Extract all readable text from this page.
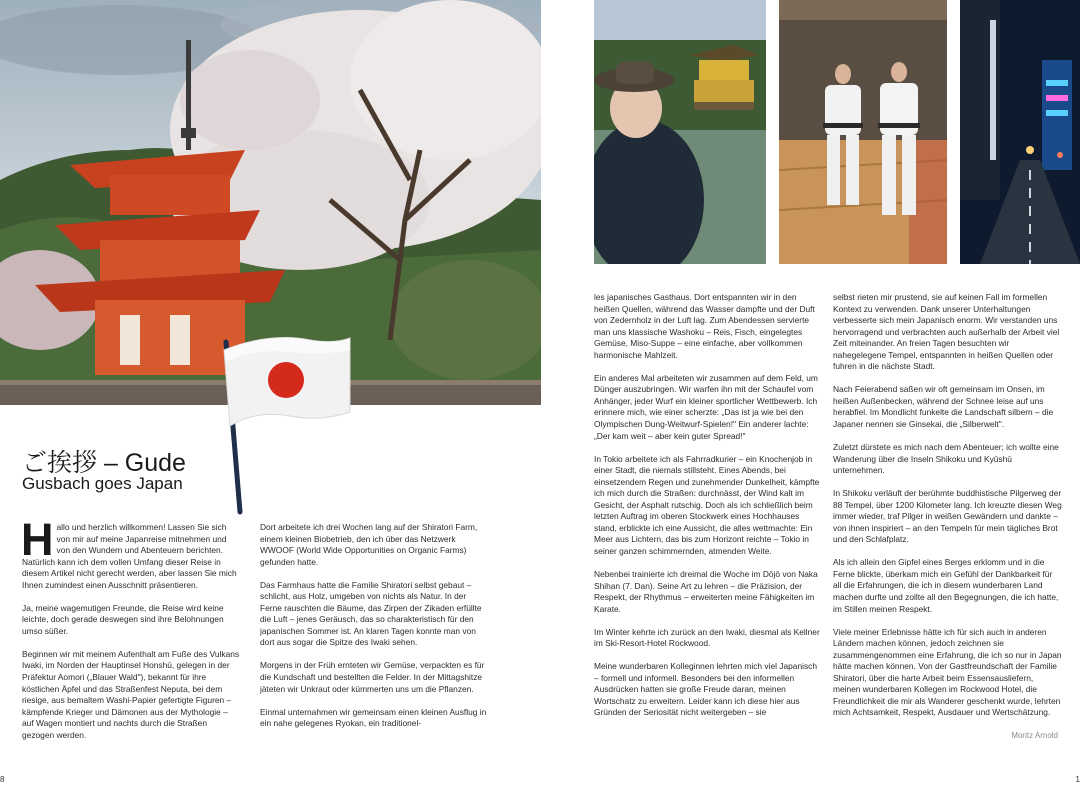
ご挨拶 – Gude
Gusbach goes Japan

Hallo und herzlich willkommen! Lassen Sie sich von mir auf meine Japanreise mitnehmen und von den Wundern und Abenteuern berichten. Natürlich kann ich dem vollen Umfang dieser Reise in diesem Artikel nicht gerecht werden, aber lassen Sie mich Ihnen zumindest einen Ausschnitt präsentieren.

Ja, meine wagemutigen Freunde, die Reise wird keine leichte, doch gerade deswegen sind ihre Belohnungen umso süßer.

Beginnen wir mit meinem Aufenthalt am Fuße des Vulkans Iwaki, im Norden der Hauptinsel Honshū, gelegen in der Präfektur Aomori („Blauer Wald"), bekannt für ihre köstlichen Äpfel und das Straßenfest Neputa, bei dem riesige, aus bemaltem Washi-Papier gefertigte Figuren – kämpfende Krieger und Dämonen aus der Mythologie – auf Wagen montiert und nachts durch die Straßen gezogen werden.

Dort arbeitete ich drei Wochen lang auf der Shiratori Farm, einem kleinen Biobetrieb, den ich über das Netzwerk WWOOF (World Wide Opportunities on Organic Farms) gefunden hatte.

Das Farmhaus hatte die Familie Shiratori selbst gebaut – schlicht, aus Holz, umgeben von nichts als Natur. In der Ferne rauschten die Bäume, das Zirpen der Zikaden erfüllte die Luft – jenes Geräusch, das so charakteristisch für den japanischen Sommer ist. An klaren Tagen konnte man von dort aus sogar die Spitze des Iwaki sehen.

Morgens in der Früh ernteten wir Gemüse, verpackten es für die Kundschaft und bestellten die Felder. In der Mittagshitze jäteten wir Unkraut oder kümmerten uns um die Pflanzen.

Einmal unternahmen wir gemeinsam einen kleinen Ausflug in ein nahe gelegenes Ryokan, ein traditionel-

les japanisches Gasthaus. Dort entspannten wir in den heißen Quellen, während das Wasser dampfte und der Duft von Zedernholz in der Luft lag. Zum Abendessen servierte man uns klassische Washoku – Reis, Fisch, eingelegtes Gemüse, Miso-Suppe – eine einfache, aber vollkommen harmonische Mahlzeit.

Ein anderes Mal arbeiteten wir zusammen auf dem Feld, um Dünger auszubringen. Wir warfen ihn mit der Schaufel vom Anhänger, jeder Wurf ein kleiner sportlicher Wettbewerb. Ich erinnere mich, wie einer scherzte: „Das ist ja wie bei den Olympischen Dung-Weitwurf-Spielen!" Ein anderer lachte: „Der kam weit – aber kein guter Spread!"

In Tokio arbeitete ich als Fahrradkurier – ein Knochenjob in einer Stadt, die niemals stillsteht. Eines Abends, bei einsetzendem Regen und zunehmender Dunkelheit, kämpfte ich mich durch die Straßen: durchnässt, der Wind kalt im Gesicht, der Asphalt rutschig. Doch als ich schließlich beim letzten Auftrag im oberen Stockwerk eines Hochhauses stand, erblickte ich eine Aussicht, die alles wettmachte: Ein Meer aus Lichtern, das bis zum Horizont reichte – Tokio in seiner ganzen schimmernden, atmenden Weite.

Nebenbei trainierte ich dreimal die Woche im Dōjō von Naka Shihan (7. Dan). Seine Art zu lehren – die Präzision, der Respekt, der Rhythmus – erweiterten meine Fähigkeiten im Karate.

Im Winter kehrte ich zurück an den Iwaki, diesmal als Kellner im Ski-Resort-Hotel Rockwood.

Meine wunderbaren Kolleginnen lehrten mich viel Japanisch – formell und informell. Besonders bei den informellen Ausdrücken hatten sie große Freude daran, meinen Wortschatz zu erweitern. Leider kann ich diese hier aus Gründen der Seriosität nicht weitergeben – sie

selbst rieten mir prustend, sie auf keinen Fall im formellen Kontext zu verwenden. Dank unserer Unterhaltungen verbesserte sich mein Japanisch enorm. Wir verstanden uns hervorragend und verbrachten auch außerhalb der Arbeit viel Zeit miteinander. An freien Tagen besuchten wir nahegelegene Tempel, entspannten in heißen Quellen oder fuhren in die nächste Stadt.

Nach Feierabend saßen wir oft gemeinsam im Onsen, im heißen Außenbecken, während der Schnee leise auf uns herabfiel. Im Mondlicht funkelte die Landschaft silbern – die Japaner nennen sie Ginsekai, die „Silberwelt".

Zuletzt dürstete es mich nach dem Abenteuer; ich wollte eine Wanderung über die Inseln Shikoku und Kyūshū unternehmen.

In Shikoku verläuft der berühmte buddhistische Pilgerweg der 88 Tempel, über 1200 Kilometer lang. Ich kreuzte diesen Weg immer wieder, traf Pilger in weißen Gewändern und dankte – von ihnen inspiriert – an den Tempeln für mein tägliches Brot und den Schlafplatz.

Als ich allein den Gipfel eines Berges erklomm und in die Ferne blickte, überkam mich ein Gefühl der Dankbarkeit für all die Erfahrungen, die ich in diesem wunderbaren Land machen durfte und zollte all den Begegnungen, die ich hatte, im Stillen meinen Respekt.

Viele meiner Erlebnisse hätte ich für sich auch in anderen Ländern machen können, jedoch zeichnen sie zusammengenommen eine Erfahrung, die ich so nur in Japan hätte machen können. Von der Gastfreundschaft der Familie Shiratori, über die harte Arbeit beim Essensausliefern, meinen wunderbaren Kollegen im Rockwood Hotel, die Freundlichkeit die mir als Wanderer geschenkt wurde, lehrten mich Achtsamkeit, Respekt, Ausdauer und Wertschätzung.

Moritz Arnold
8	1
